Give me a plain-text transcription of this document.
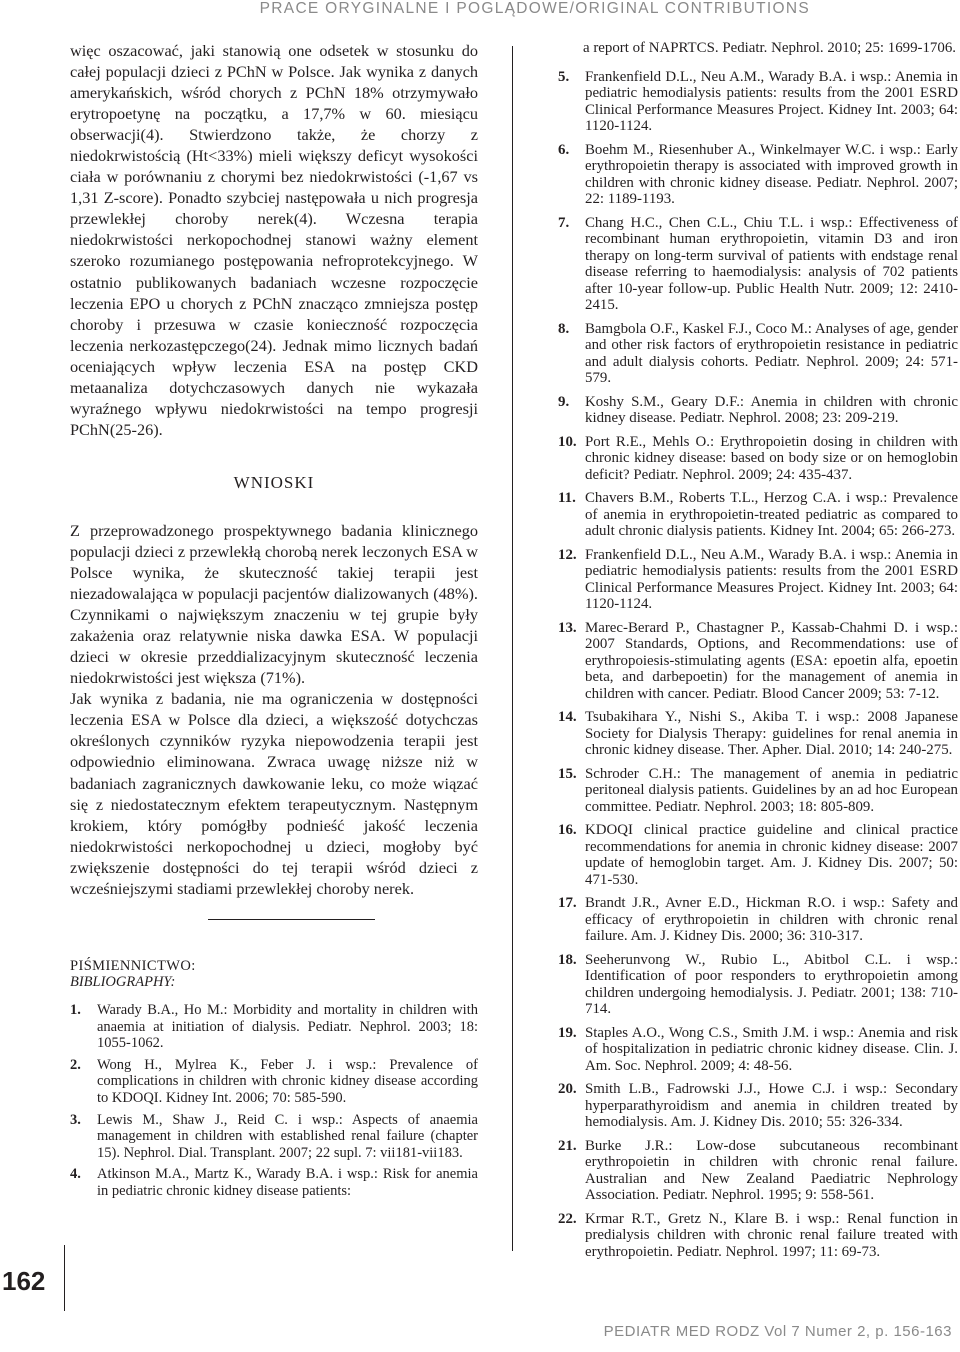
PRACE ORYGINALNE I POGLĄDOWE/ORIGINAL CONTRIBUTIONS

więc oszacować, jaki stanowią one odsetek w stosunku do całej populacji dzieci z PChN w Polsce. Jak wynika z danych amerykańskich, wśród chorych z PChN 18% otrzymywało erytropoetynę na początku, a 17,7% w 60. miesiącu obserwacji(4). Stwierdzono także, że chorzy z niedokrwistością (Ht<33%) mieli większy deficyt wysokości ciała w porównaniu z chorymi bez niedokrwistości (-1,67 vs 1,31 Z-score). Ponadto szybciej następowała u nich progresja przewlekłej choroby nerek(4). Wczesna terapia niedokrwistości nerkopochodnej stanowi ważny element szeroko rozumianego postępowania nefroprotekcyjnego. W ostatnio publikowanych badaniach wczesne rozpoczęcie leczenia EPO u chorych z PChN znacząco zmniejsza postęp choroby i przesuwa w czasie konieczność rozpoczęcia leczenia nerkozastępczego(24). Jednak mimo licznych badań oceniających wpływ leczenia ESA na postęp CKD metaanaliza dotychczasowych danych nie wykazała wyraźnego wpływu niedokrwistości na tempo progresji PChN(25-26).

WNIOSKI

Z przeprowadzonego prospektywnego badania klinicznego populacji dzieci z przewlekłą chorobą nerek leczonych ESA w Polsce wynika, że skuteczność takiej terapii jest niezadowalająca w populacji pacjentów dializowanych (48%). Czynnikami o największym znaczeniu w tej grupie były zakażenia oraz relatywnie niska dawka ESA. W populacji dzieci w okresie przeddializacyjnym skuteczność leczenia niedokrwistości jest większa (71%).

Jak wynika z badania, nie ma ograniczenia w dostępności leczenia ESA w Polsce dla dzieci, a większość dotychczas określonych czynników ryzyka niepowodzenia terapii jest odpowiednio eliminowana. Zwraca uwagę niższe niż w badaniach zagranicznych dawkowanie leku, co może wiązać się z niedostatecznym efektem terapeutycznym. Następnym krokiem, który pomógłby podnieść jakość leczenia niedokrwistości nerkopochodnej u dzieci, mogłoby być zwiększenie dostępności do tej terapii wśród dzieci z wcześniejszymi stadiami przewlekłej choroby nerek.

PIŚMIENNICTWO:
BIBLIOGRAPHY:
1.	Warady B.A., Ho M.: Morbidity and mortality in children with anaemia at initiation of dialysis. Pediatr. Nephrol. 2003; 18: 1055-1062.
2.	Wong H., Mylrea K., Feber J. i wsp.: Prevalence of complications in children with chronic kidney disease according to KDOQI. Kidney Int. 2006; 70: 585-590.
3.	Lewis M., Shaw J., Reid C. i wsp.: Aspects of anaemia management in children with established renal failure (chapter 15). Nephrol. Dial. Transplant. 2007; 22 supl. 7: vii181-vii183.
4.	Atkinson M.A., Martz K., Warady B.A. i wsp.: Risk for anemia in pediatric chronic kidney disease patients:
a report of NAPRTCS. Pediatr. Nephrol. 2010; 25: 1699-1706.
5.	Frankenfield D.L., Neu A.M., Warady B.A. i wsp.: Anemia in pediatric hemodialysis patients: results from the 2001 ESRD Clinical Performance Measures Project. Kidney Int. 2003; 64: 1120-1124.
6.	Boehm M., Riesenhuber A., Winkelmayer W.C. i wsp.: Early erythropoietin therapy is associated with improved growth in children with chronic kidney disease. Pediatr. Nephrol. 2007; 22: 1189-1193.
7.	Chang H.C., Chen C.L., Chiu T.L. i wsp.: Effectiveness of recombinant human erythropoietin, vitamin D3 and iron therapy on long-term survival of patients with endstage renal disease referring to haemodialysis: analysis of 702 patients after 10-year follow-up. Public Health Nutr. 2009; 12: 2410-2415.
8.	Bamgbola O.F., Kaskel F.J., Coco M.: Analyses of age, gender and other risk factors of erythropoietin resistance in pediatric and adult dialysis cohorts. Pediatr. Nephrol. 2009; 24: 571-579.
9.	Koshy S.M., Geary D.F.: Anemia in children with chronic kidney disease. Pediatr. Nephrol. 2008; 23: 209-219.
10. Port R.E., Mehls O.: Erythropoietin dosing in children with chronic kidney disease: based on body size or on hemoglobin deficit? Pediatr. Nephrol. 2009; 24: 435-437.
11. Chavers B.M., Roberts T.L., Herzog C.A. i wsp.: Prevalence of anemia in erythropoietin-treated pediatric as compared to adult chronic dialysis patients. Kidney Int. 2004; 65: 266-273.
12. Frankenfield D.L., Neu A.M., Warady B.A. i wsp.: Anemia in pediatric hemodialysis patients: results from the 2001 ESRD Clinical Performance Measures Project. Kidney Int. 2003; 64: 1120-1124.
13. Marec-Berard P., Chastagner P., Kassab-Chahmi D. i wsp.: 2007 Standards, Options, and Recommendations: use of erythropoiesis-stimulating agents (ESA: epoetin alfa, epoetin beta, and darbepoetin) for the management of anemia in children with cancer. Pediatr. Blood Cancer 2009; 53: 7-12.
14. Tsubakihara Y., Nishi S., Akiba T. i wsp.: 2008 Japanese Society for Dialysis Therapy: guidelines for renal anemia in chronic kidney disease. Ther. Apher. Dial. 2010; 14: 240-275.
15. Schroder C.H.: The management of anemia in pediatric peritoneal dialysis patients. Guidelines by an ad hoc European committee. Pediatr. Nephrol. 2003; 18: 805-809.
16. KDOQI clinical practice guideline and clinical practice recommendations for anemia in chronic kidney disease: 2007 update of hemoglobin target. Am. J. Kidney Dis. 2007; 50: 471-530.
17. Brandt J.R., Avner E.D., Hickman R.O. i wsp.: Safety and efficacy of erythropoietin in children with chronic renal failure. Am. J. Kidney Dis. 2000; 36: 310-317.
18. Seeherunvong W., Rubio L., Abitbol C.L. i wsp.: Identification of poor responders to erythropoietin among children undergoing hemodialysis. J. Pediatr. 2001; 138: 710-714.
19. Staples A.O., Wong C.S., Smith J.M. i wsp.: Anemia and risk of hospitalization in pediatric chronic kidney disease. Clin. J. Am. Soc. Nephrol. 2009; 4: 48-56.
20. Smith L.B., Fadrowski J.J., Howe C.J. i wsp.: Secondary hyperparathyroidism and anemia in children treated by hemodialysis. Am. J. Kidney Dis. 2010; 55: 326-334.
21. Burke J.R.: Low-dose subcutaneous recombinant erythropoietin in children with chronic renal failure. Australian and New Zealand Paediatric Nephrology Association. Pediatr. Nephrol. 1995; 9: 558-561.
22. Krmar R.T., Gretz N., Klare B. i wsp.: Renal function in predialysis children with chronic renal failure treated with erythropoietin. Pediatr. Nephrol. 1997; 11: 69-73.
162
PEDIATR MED RODZ Vol 7 Numer 2, p. 156-163
